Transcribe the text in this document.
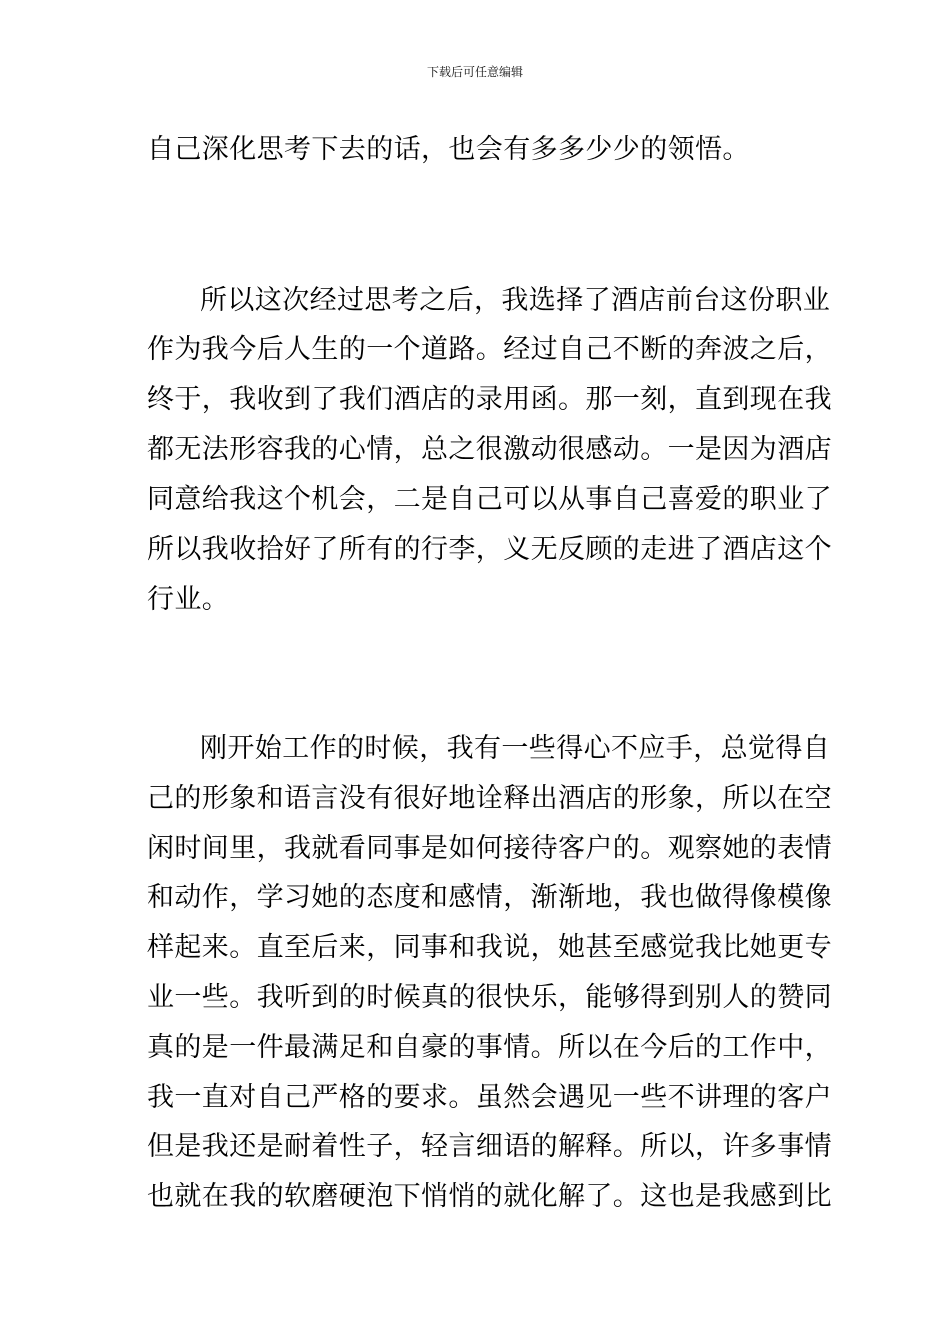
下载后可任意编辑
自己深化思考下去的话，也会有多多少少的领悟。
所以这次经过思考之后，我选择了酒店前台这份职业
作为我今后人生的一个道路。经过自己不断的奔波之后，
终于，我收到了我们酒店的录用函。那一刻，直到现在我
都无法形容我的心情，总之很激动很感动。一是因为酒店
同意给我这个机会，二是自己可以从事自己喜爱的职业了
所以我收拾好了所有的行李，义无反顾的走进了酒店这个
行业。
刚开始工作的时候，我有一些得心不应手，总觉得自
己的形象和语言没有很好地诠释出酒店的形象，所以在空
闲时间里，我就看同事是如何接待客户的。观察她的表情
和动作，学习她的态度和感情，渐渐地，我也做得像模像
样起来。直至后来，同事和我说，她甚至感觉我比她更专
业一些。我听到的时候真的很快乐，能够得到别人的赞同
真的是一件最满足和自豪的事情。所以在今后的工作中，
我一直对自己严格的要求。虽然会遇见一些不讲理的客户
但是我还是耐着性子，轻言细语的解释。所以，许多事情
也就在我的软磨硬泡下悄悄的就化解了。这也是我感到比
